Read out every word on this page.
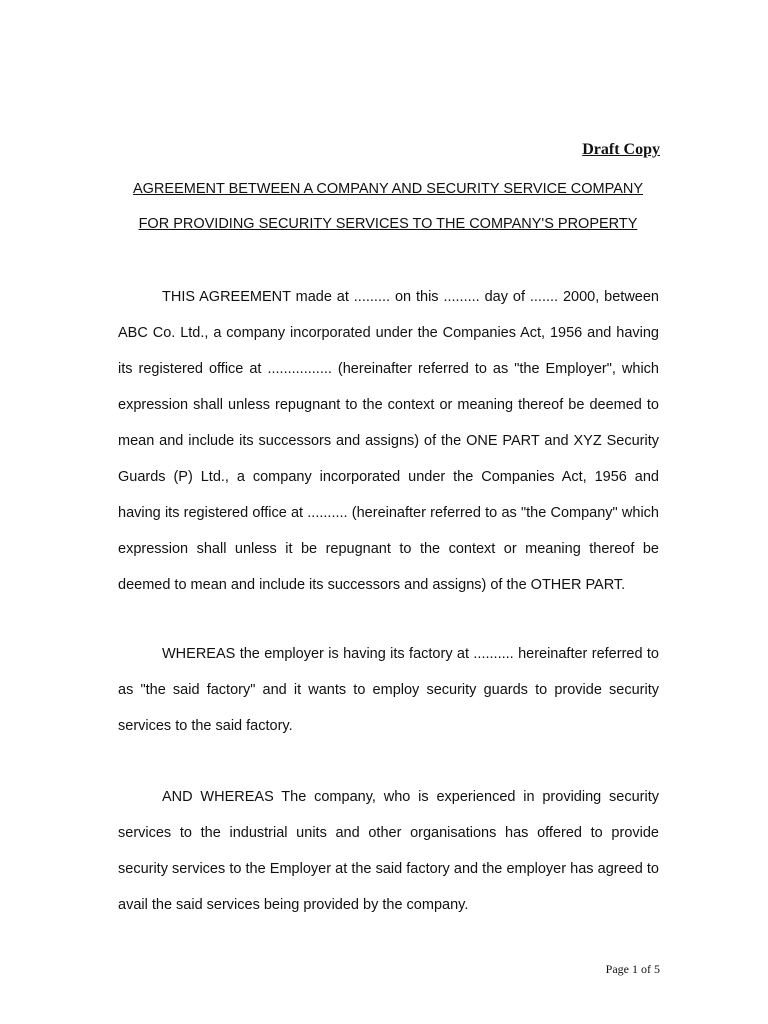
Draft Copy
AGREEMENT BETWEEN A COMPANY AND SECURITY SERVICE COMPANY
FOR PROVIDING SECURITY SERVICES TO THE COMPANY'S PROPERTY

THIS AGREEMENT made at ......... on this ......... day of ....... 2000, between ABC Co. Ltd., a company incorporated under the Companies Act, 1956 and having its registered office at ................ (hereinafter referred to as "the Employer", which expression shall unless repugnant to the context or meaning thereof be deemed to mean and include its successors and assigns) of the ONE PART and XYZ Security Guards (P) Ltd., a company incorporated under the Companies Act, 1956 and having its registered office at .......... (hereinafter referred to as "the Company" which expression shall unless it be repugnant to the context or meaning thereof be deemed to mean and include its successors and assigns) of the OTHER PART.

WHEREAS the employer is having its factory at .......... hereinafter referred to as "the said factory" and it wants to employ security guards to provide security services to the said factory.

AND WHEREAS The company, who is experienced in providing security services to the industrial units and other organisations has offered to provide security services to the Employer at the said factory and the employer has agreed to avail the said services being provided by the company.

Page 1 of 5
